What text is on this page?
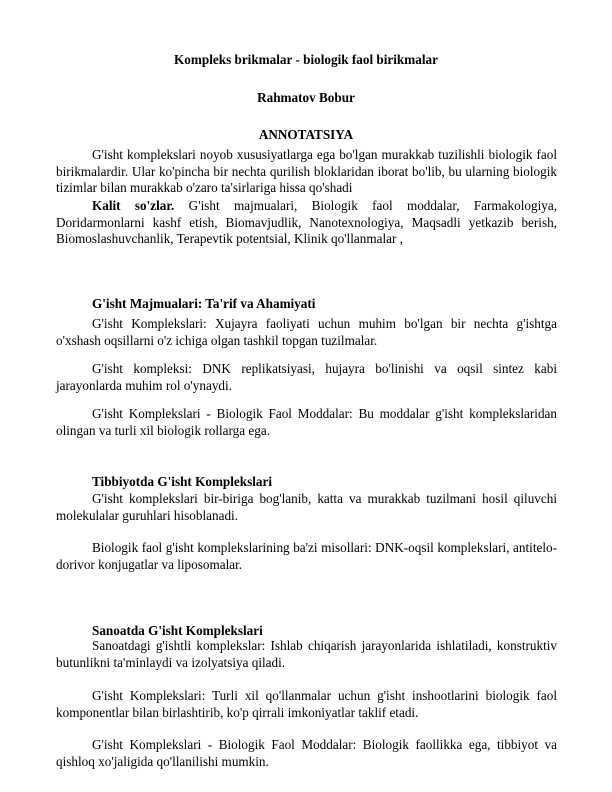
Kompleks brikmalar - biologik faol birikmalar
Rahmatov Bobur
ANNOTATSIYA
G'isht komplekslari noyob xususiyatlarga ega bo'lgan murakkab tuzilishli biologik faol birikmalardir. Ular ko'pincha bir nechta qurilish bloklaridan iborat bo'lib, bu ularning biologik tizimlar bilan murakkab o'zaro ta'sirlariga hissa qo'shadi
Kalit so'zlar. G'isht majmualari, Biologik faol moddalar, Farmakologiya, Doridarmonlarni kashf etish, Biomavjudlik, Nanotexnologiya, Maqsadli yetkazib berish, Biomoslashuvchanlik, Terapevtik potentsial, Klinik qo'llanmalar ,
G'isht Majmualari: Ta'rif va Ahamiyati
G'isht Komplekslari: Xujayra faoliyati uchun muhim bo'lgan bir nechta g'ishtga o'xshash oqsillarni o'z ichiga olgan tashkil topgan tuzilmalar.
G'isht kompleksi: DNK replikatsiyasi, hujayra bo'linishi va oqsil sintez kabi jarayonlarda muhim rol o'ynaydi.
G'isht Komplekslari - Biologik Faol Moddalar: Bu moddalar g'isht komplekslaridan olingan va turli xil biologik rollarga ega.
Tibbiyotda G'isht Komplekslari
G'isht komplekslari bir-biriga bog'lanib, katta va murakkab tuzilmani hosil qiluvchi molekulalar guruhlari hisoblanadi.
Biologik faol g'isht komplekslarining ba'zi misollari: DNK-oqsil komplekslari, antitelo-dorivor konjugatlar va liposomalar.
Sanoatda G'isht Komplekslari
Sanoatdagi g'ishtli komplekslar: Ishlab chiqarish jarayonlarida ishlatiladi, konstruktiv butunlikni ta'minlaydi va izolyatsiya qiladi.
G'isht Komplekslari: Turli xil qo'llanmalar uchun g'isht inshootlarini biologik faol komponentlar bilan birlashtirib, ko'p qirrali imkoniyatlar taklif etadi.
G'isht Komplekslari - Biologik Faol Moddalar: Biologik faollikka ega, tibbiyot va qishloq xo'jaligida qo'llanilishi mumkin.
